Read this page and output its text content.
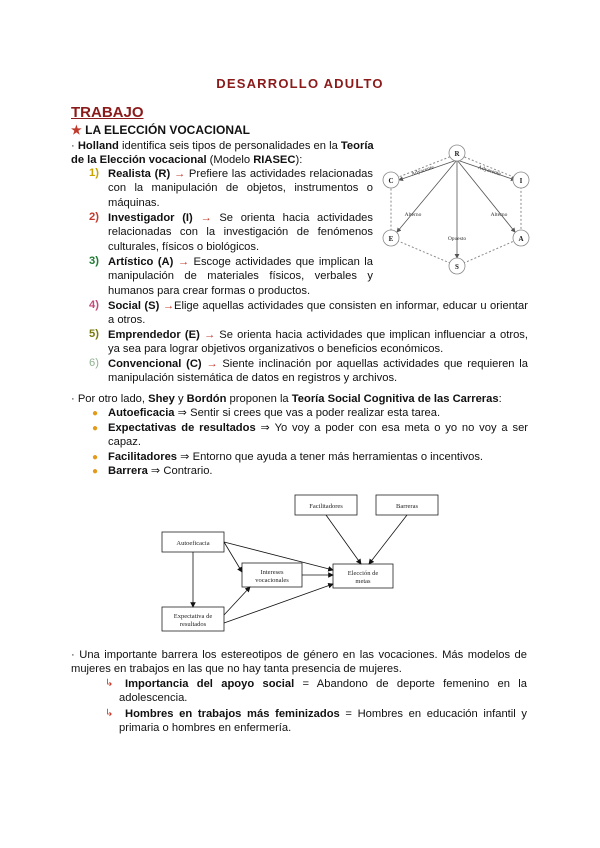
DESARROLLO ADULTO
TRABAJO
★ LA ELECCIÓN VOCACIONAL
· Holland identifica seis tipos de personalidades en la Teoría
de la Elección vocacional (Modelo RIASEC):
1) Realista (R) → Prefiere las actividades relacionadas con la manipulación de objetos, instrumentos o máquinas.
2) Investigador (I) → Se orienta hacia actividades relacionadas con la investigación de fenómenos culturales, físicos o biológicos.
3) Artístico (A) → Escoge actividades que implican la manipulación de materiales físicos, verbales y humanos para crear formas o productos.
4) Social (S) →Elige aquellas actividades que consisten en informar, educar u orientar a otros.
5) Emprendedor (E) → Se orienta hacia actividades que implican influenciar a otros, ya sea para lograr objetivos organizativos o beneficios económicos.
6) Convencional (C) → Siente inclinación por aquellas actividades que requieren la manipulación sistemática de datos en registros y archivos.
R
I
A
S
E
C
Adyacente	Adyacente
Alterno	Alterno
Opuesto
· Por otro lado, Shey y Bordón proponen la Teoría Social Cognitiva de las Carreras:
● Autoeficacia ⇒ Sentir si crees que vas a poder realizar esta tarea.
● Expectativas de resultados ⇒ Yo voy a poder con esa meta o yo no voy a ser capaz.
● Facilitadores ⇒ Entorno que ayuda a tener más herramientas o incentivos.
● Barrera ⇒ Contrario.
Facilitadores	Barreras
Autoeficacia
Intereses
vocacionales
Elección de
metas
Expectativa de
resultados
· Una importante barrera los estereotipos de género en las vocaciones. Más modelos de mujeres en trabajos en las que no hay tanta presencia de mujeres.
↳	Importancia del apoyo social = Abandono de deporte femenino en la adolescencia.
↳	Hombres en trabajos más feminizados = Hombres en educación infantil y primaria o hombres en enfermería.
